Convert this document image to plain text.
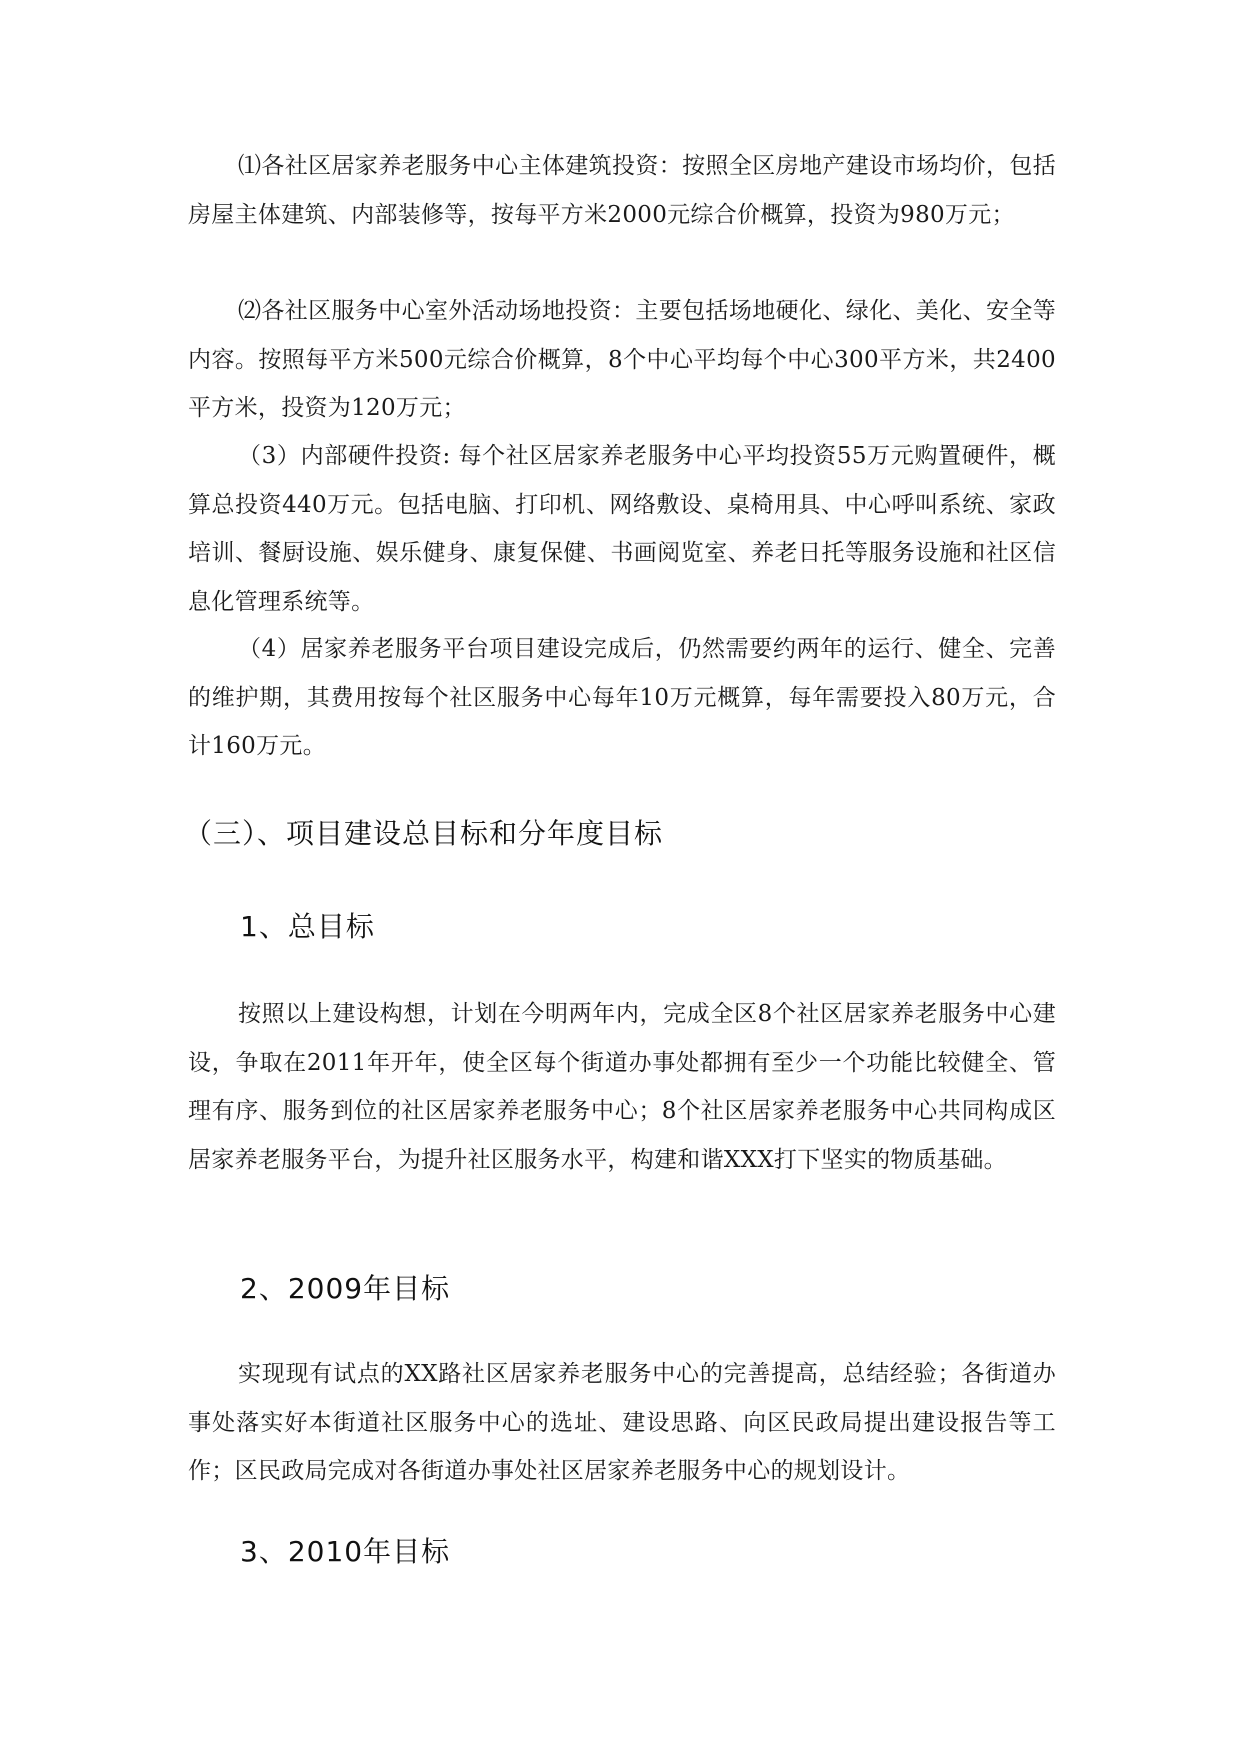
⑴各社区居家养老服务中心主体建筑投资：按照全区房地产建设市场均价，包括房屋主体建筑、内部装修等，按每平方米2000元综合价概算，投资为980万元；

⑵各社区服务中心室外活动场地投资：主要包括场地硬化、绿化、美化、安全等内容。按照每平方米500元综合价概算，8个中心平均每个中心300平方米，共2400平方米，投资为120万元；

（3）内部硬件投资: 每个社区居家养老服务中心平均投资55万元购置硬件，概算总投资440万元。包括电脑、打印机、网络敷设、桌椅用具、中心呼叫系统、家政培训、餐厨设施、娱乐健身、康复保健、书画阅览室、养老日托等服务设施和社区信息化管理系统等。

（4）居家养老服务平台项目建设完成后，仍然需要约两年的运行、健全、完善的维护期，其费用按每个社区服务中心每年10万元概算，每年需要投入80万元，合计160万元。

（三）、项目建设总目标和分年度目标
1、总目标

按照以上建设构想，计划在今明两年内，完成全区8个社区居家养老服务中心建设，争取在2011年开年，使全区每个街道办事处都拥有至少一个功能比较健全、管理有序、服务到位的社区居家养老服务中心；8个社区居家养老服务中心共同构成区居家养老服务平台，为提升社区服务水平，构建和谐XXX打下坚实的物质基础。

2、2009年目标

实现现有试点的XX路社区居家养老服务中心的完善提高，总结经验；各街道办事处落实好本街道社区服务中心的选址、建设思路、向区民政局提出建设报告等工作；区民政局完成对各街道办事处社区居家养老服务中心的规划设计。

3、2010年目标
